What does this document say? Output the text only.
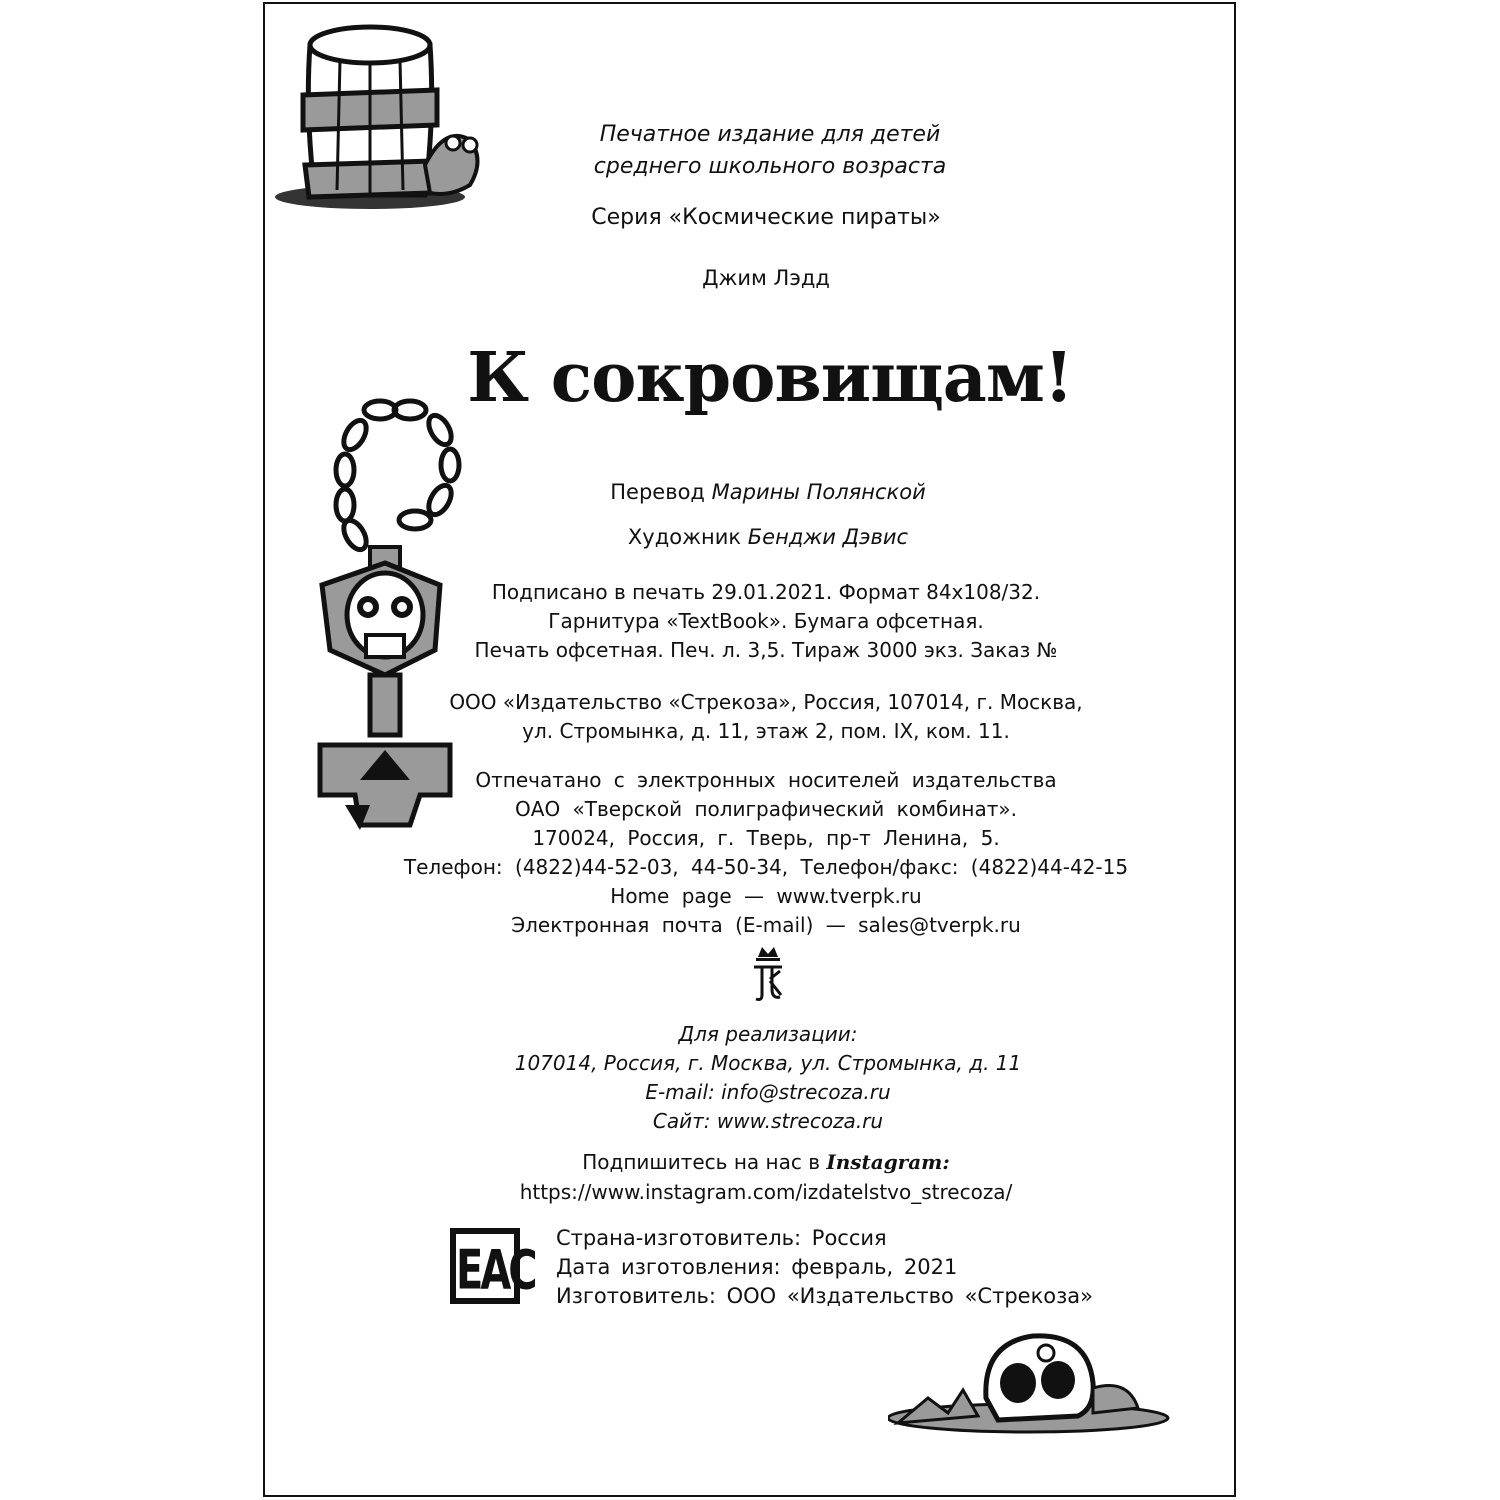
Печатное издание для детей
среднего школьного возраста
Серия «Космические пираты»
Джим Лэдд
К сокровищам!
Перевод Марины Полянской
Художник Бенджи Дэвис
Подписано в печать 29.01.2021. Формат 84х108/32.
Гарнитура «TextBook». Бумага офсетная.
Печать офсетная. Печ. л. 3,5. Тираж 3000 экз. Заказ №
ООО «Издательство «Стрекоза», Россия, 107014, г. Москва,
ул. Стромынка, д. 11, этаж 2, пом. IX, ком. 11.
Отпечатано с электронных носителей издательства
ОАО «Тверской полиграфический комбинат».
170024, Россия, г. Тверь, пр-т Ленина, 5.
Телефон: (4822)44-52-03, 44-50-34, Телефон/факс: (4822)44-42-15
Home page — www.tverpk.ru
Электронная почта (E-mail) — sales@tverpk.ru
Для реализации:
107014, Россия, г. Москва, ул. Стромынка, д. 11
E-mail: info@strecoza.ru
Сайт: www.strecoza.ru
Подпишитесь на нас в Instagram:
https://www.instagram.com/izdatelstvo_strecoza/
EAC
Страна-изготовитель: Россия
Дата изготовления: февраль, 2021
Изготовитель: ООО «Издательство «Стрекоза»
